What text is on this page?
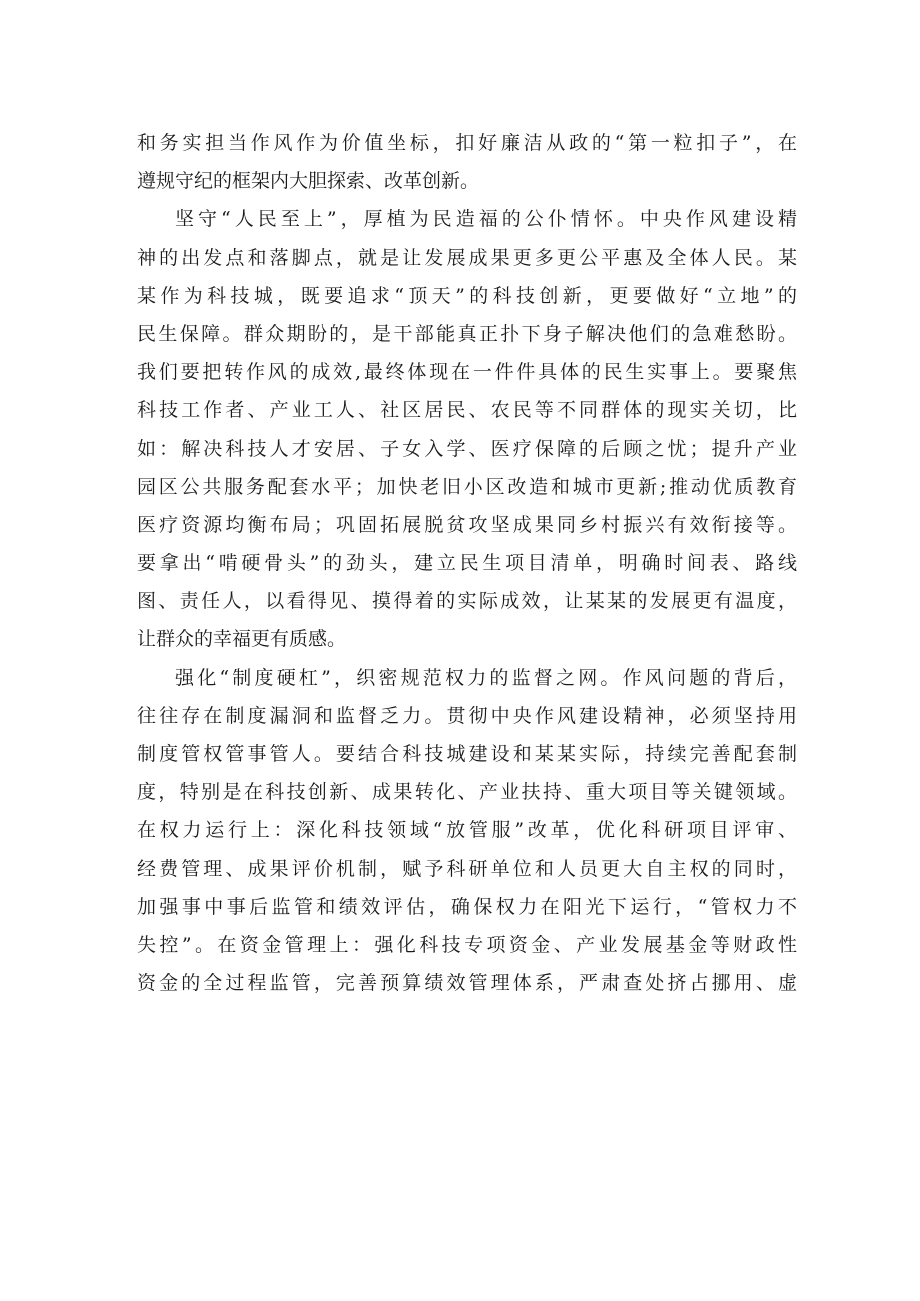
和务实担当作风作为价值坐标，扣好廉洁从政的“第一粒扣子”，在
遵规守纪的框架内大胆探索、改革创新。
坚守“人民至上”，厚植为民造福的公仆情怀。中央作风建设精
神的出发点和落脚点，就是让发展成果更多更公平惠及全体人民。某
某作为科技城，既要追求“顶天”的科技创新，更要做好“立地”的
民生保障。群众期盼的，是干部能真正扑下身子解决他们的急难愁盼。
我们要把转作风的成效,最终体现在一件件具体的民生实事上。要聚焦
科技工作者、产业工人、社区居民、农民等不同群体的现实关切，比
如：解决科技人才安居、子女入学、医疗保障的后顾之忧；提升产业
园区公共服务配套水平；加快老旧小区改造和城市更新;推动优质教育
医疗资源均衡布局；巩固拓展脱贫攻坚成果同乡村振兴有效衔接等。
要拿出“啃硬骨头”的劲头，建立民生项目清单，明确时间表、路线
图、责任人，以看得见、摸得着的实际成效，让某某的发展更有温度，
让群众的幸福更有质感。
强化“制度硬杠”，织密规范权力的监督之网。作风问题的背后，
往往存在制度漏洞和监督乏力。贯彻中央作风建设精神，必须坚持用
制度管权管事管人。要结合科技城建设和某某实际，持续完善配套制
度，特别是在科技创新、成果转化、产业扶持、重大项目等关键领域。
在权力运行上：深化科技领域“放管服”改革，优化科研项目评审、
经费管理、成果评价机制，赋予科研单位和人员更大自主权的同时，
加强事中事后监管和绩效评估，确保权力在阳光下运行，“管权力不
失控”。在资金管理上：强化科技专项资金、产业发展基金等财政性
资金的全过程监管，完善预算绩效管理体系，严肃查处挤占挪用、虚
